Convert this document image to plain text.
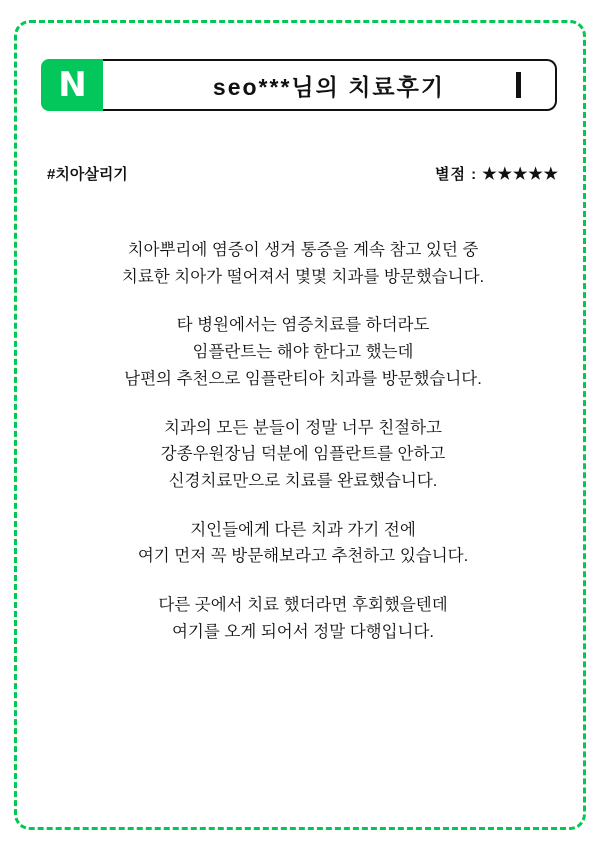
N	seo***님의 치료후기
#치아살리기	별점 : ★★★★★

치아뿌리에 염증이 생겨 통증을 계속 참고 있던 중
치료한 치아가 떨어져서 몇몇 치과를 방문했습니다.

타 병원에서는 염증치료를 하더라도
임플란트는 해야 한다고 했는데
남편의 추천으로 임플란티아 치과를 방문했습니다.

치과의 모든 분들이 정말 너무 친절하고
강종우원장님 덕분에 임플란트를 안하고
신경치료만으로 치료를 완료했습니다.

지인들에게 다른 치과 가기 전에
여기 먼저 꼭 방문해보라고 추천하고 있습니다.

다른 곳에서 치료 했더라면 후회했을텐데
여기를 오게 되어서 정말 다행입니다.
